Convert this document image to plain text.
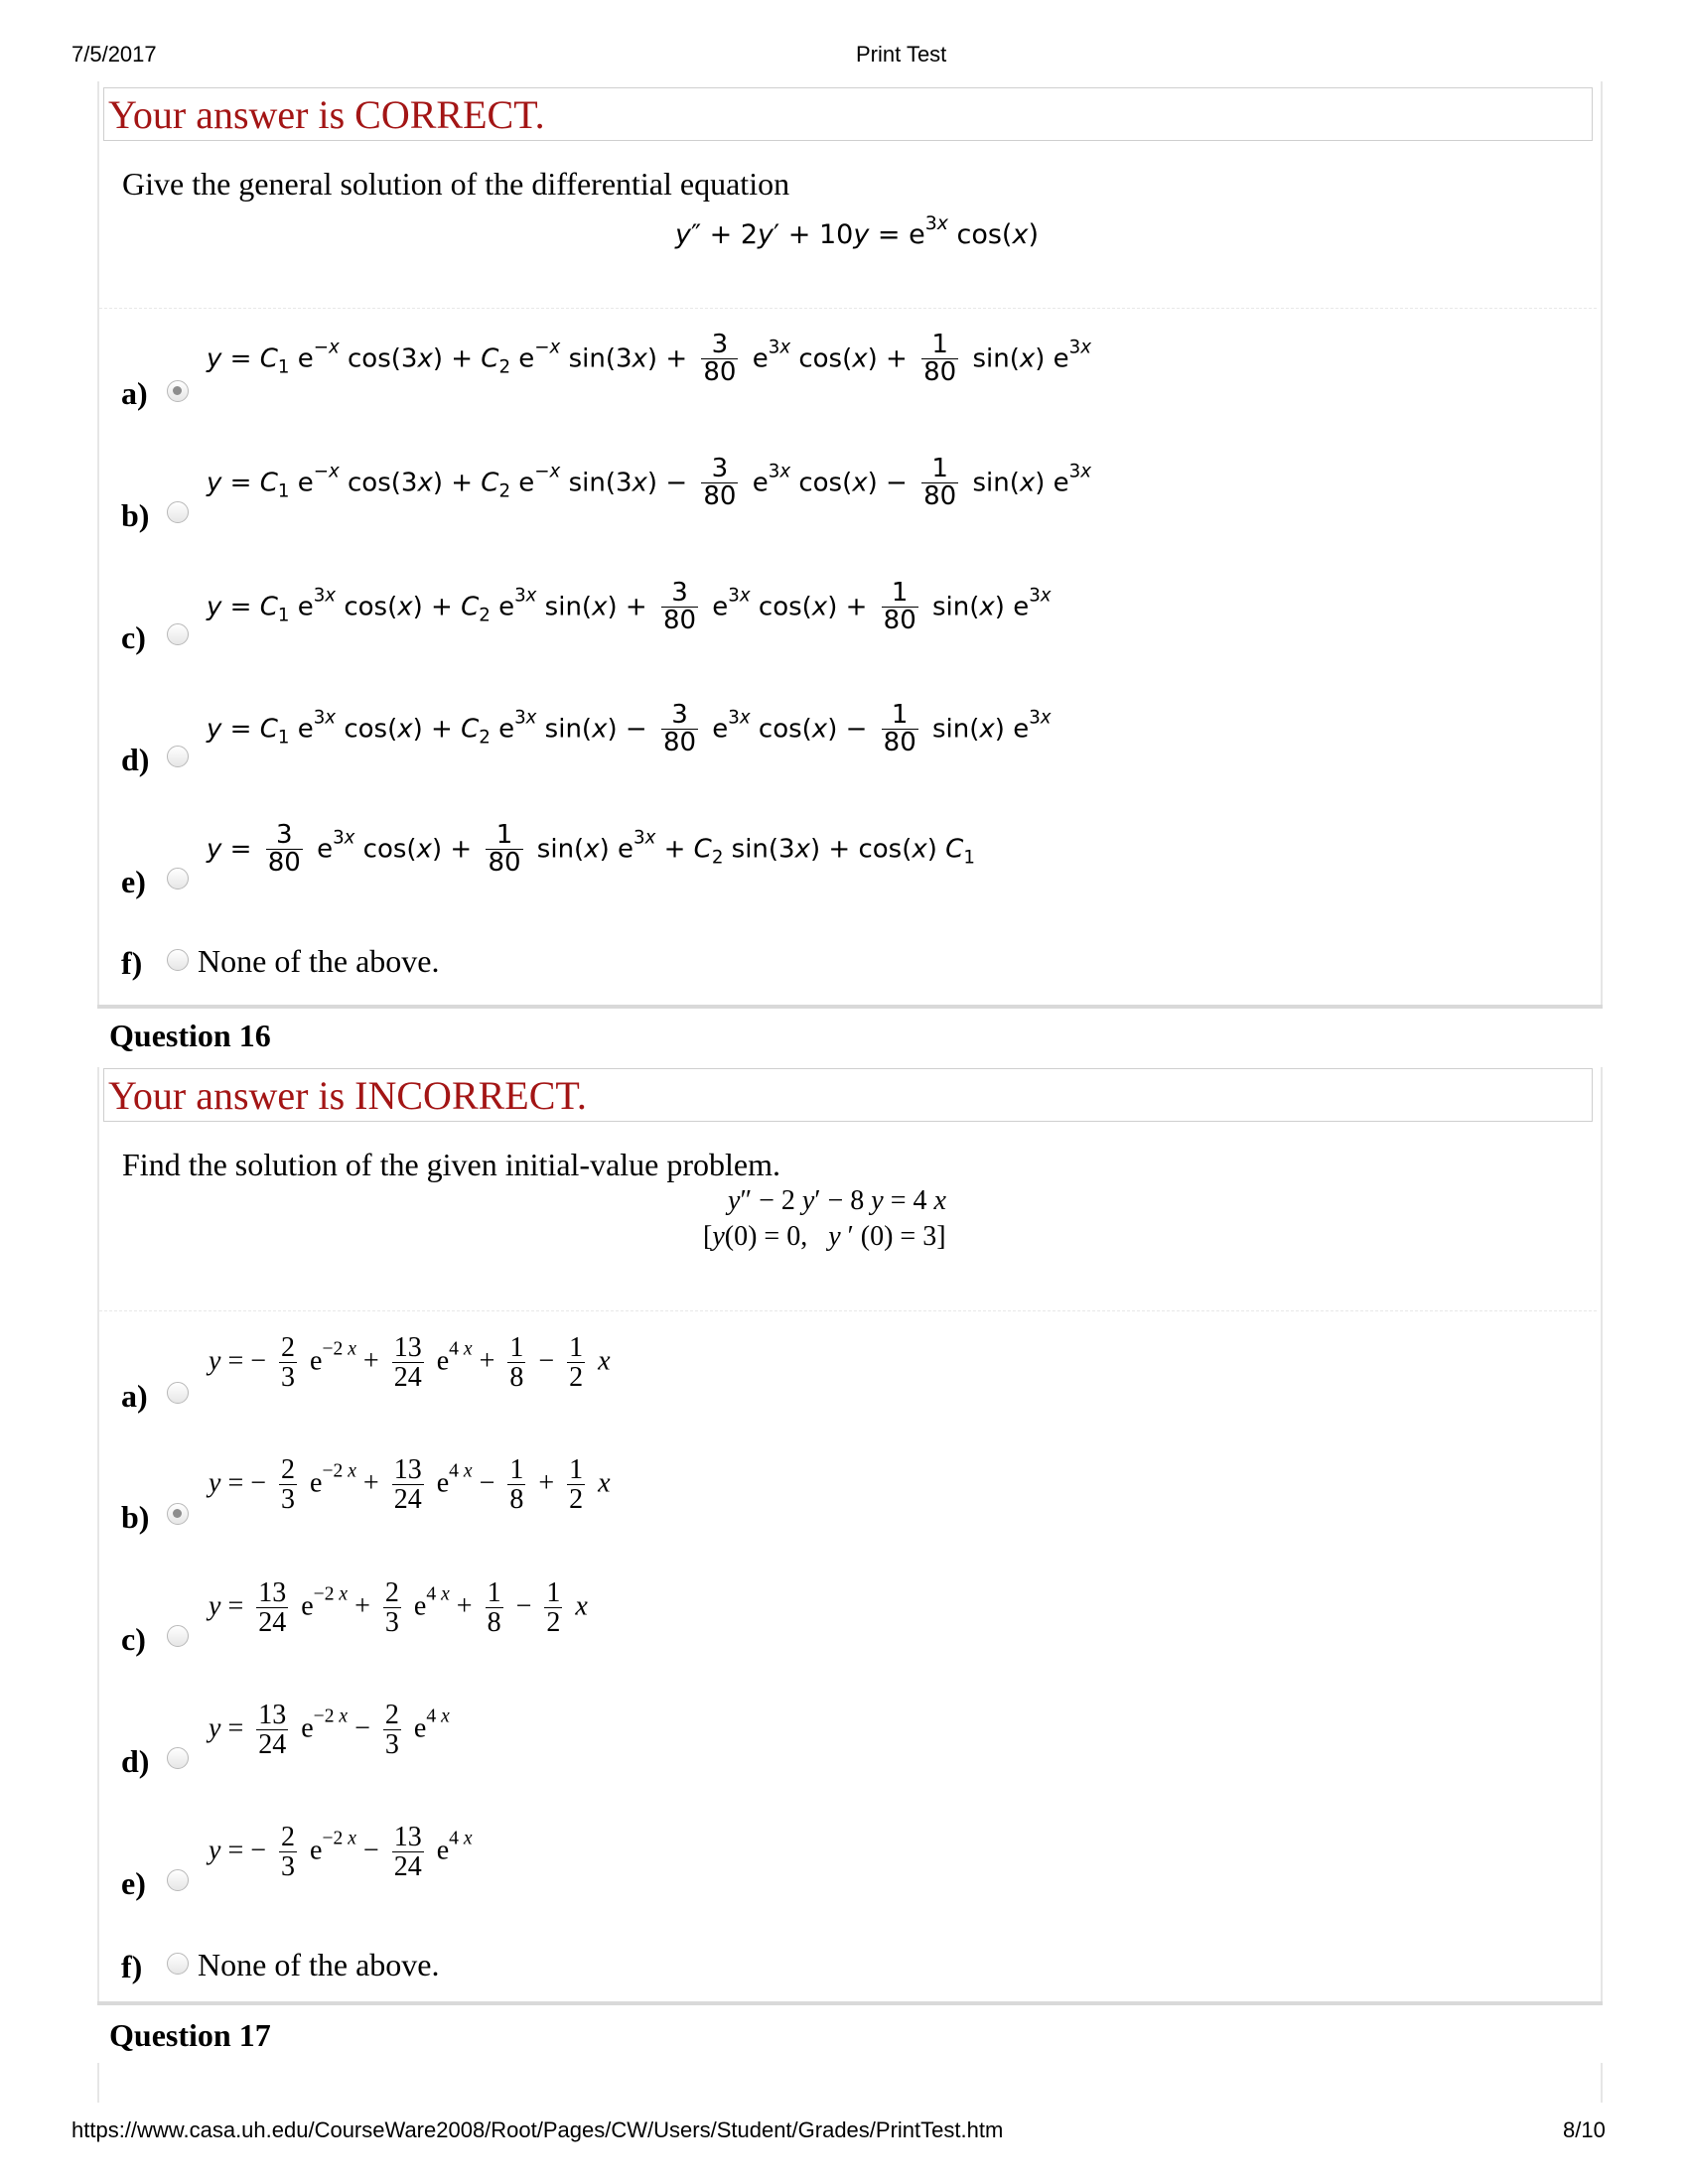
7/5/2017	Print Test
Your answer is CORRECT.
Give the general solution of the differential equation
$y'' + 2y' + 10y = e^{3x}$ cos(x)
a)
$y = C_1$ $e^{-x}$ $\cos(3x) + C_2$ $e^{-x}$ $\sin(3x) + \frac{3}{80} e^{3x}$ $\cos(x) + \frac{1}{80} \sin(x)$ $e^{3x}$
b)
$y = C_1$ $e^{-x}$ $\cos(3x) + C_2$ $e^{-x}$ $\sin(3x) - \frac{3}{80} e^{3x}$ $\cos(x) - \frac{1}{80} \sin(x)$ $e^{3x}$
c)
$y = C_1$ $e^{3x}$ $\cos(x) + C_2$ $e^{3x}$ $\sin(x) + \frac{3}{80} e^{3x}$ $\cos(x) + \frac{1}{80} \sin(x)$ $e^{3x}$
d)
$y = C_1$ $e^{3x}$ $\cos(x) + C_2$ $e^{3x}$ $\sin(x) - \frac{3}{80} e^{3x}$ $\cos(x) - \frac{1}{80} \sin(x)$ $e^{3x}$
e)
$y = \frac{3}{80} e^{3x}$ $\cos(x) + \frac{1}{80} \sin(x) e^{3x} + C_2$ sin(3x) + cos(x) $C_1$
f) None of the above.
Question 16
Your answer is INCORRECT.
Find the solution of the given initial-value problem.
y″ − 2 y′ − 8 y = 4 x
[y(0) = 0,   y ′ (0) = 3]
a)
y = − $\frac{2}{3} e^{-2 x} + \frac{13}{24} e^{4 x} + \frac{1}{8} - \frac{1}{2}$ x
b)
y = − $\frac{2}{3} e^{-2 x} + \frac{13}{24} e^{4 x} - \frac{1}{8} + \frac{1}{2}$ x
c)
$y = \frac{13}{24} e^{-2 x} + \frac{2}{3} e^{4 x} + \frac{1}{8} - \frac{1}{2}$ x
d)
$y = \frac{13}{24} e^{-2 x} - \frac{2}{3} e^{4 x}$
e)
y = − $\frac{2}{3} e^{-2 x} - \frac{13}{24} e^{4 x}$
f) None of the above.
Question 17
https://www.casa.uh.edu/CourseWare2008/Root/Pages/CW/Users/Student/Grades/PrintTest.htm	8/10
